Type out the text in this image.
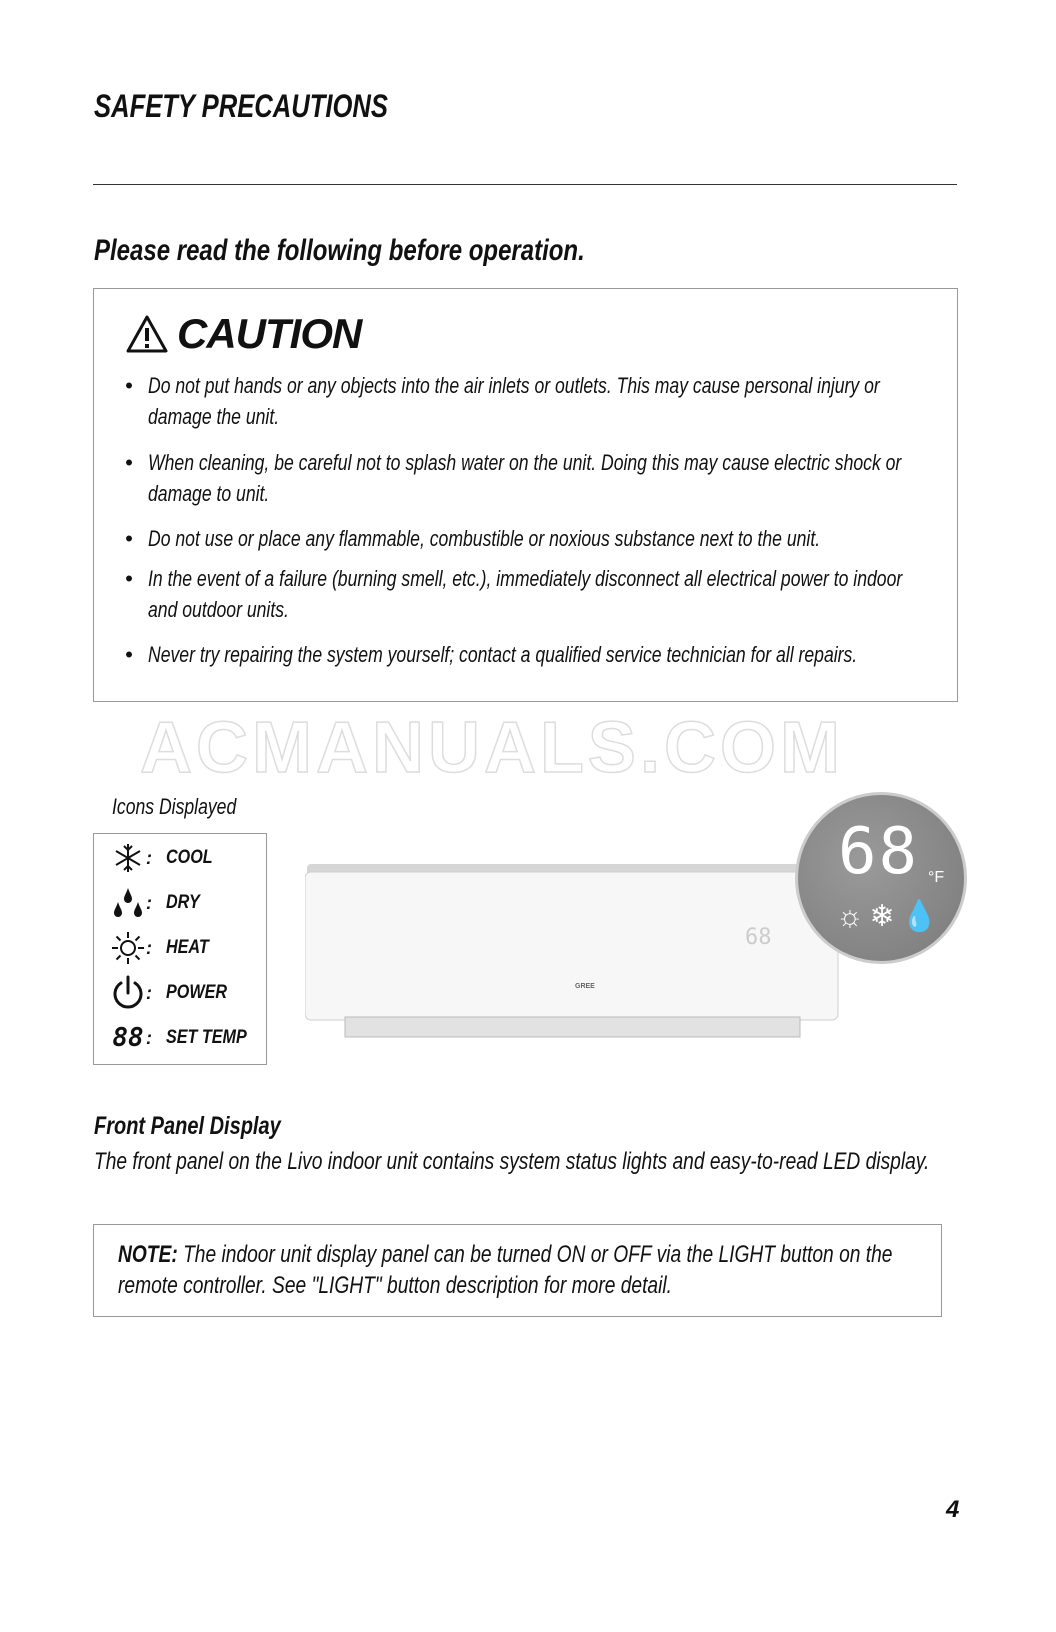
SAFETY PRECAUTIONS
Please read the following before operation.
CAUTION
• Do not put hands or any objects into the air inlets or outlets. This may cause personal injury or damage the unit.
• When cleaning, be careful not to splash water on the unit. Doing this may cause electric shock or damage to unit.
• Do not use or place any flammable, combustible or noxious substance next to the unit.
• In the event of a failure (burning smell, etc.), immediately disconnect all electrical power to indoor and outdoor units.
• Never try repairing the system yourself; contact a qualified service technician for all repairs.
ACMANUALS.COM
Icons Displayed
: COOL
: DRY
: HEAT
: POWER
88 : SET TEMP
68
GREE
68 °F
☼❄💧
Front Panel Display
The front panel on the Livo indoor unit contains system status lights and easy-to-read LED display.
NOTE: The indoor unit display panel can be turned ON or OFF via the LIGHT button on the remote controller. See "LIGHT" button description for more detail.
4
